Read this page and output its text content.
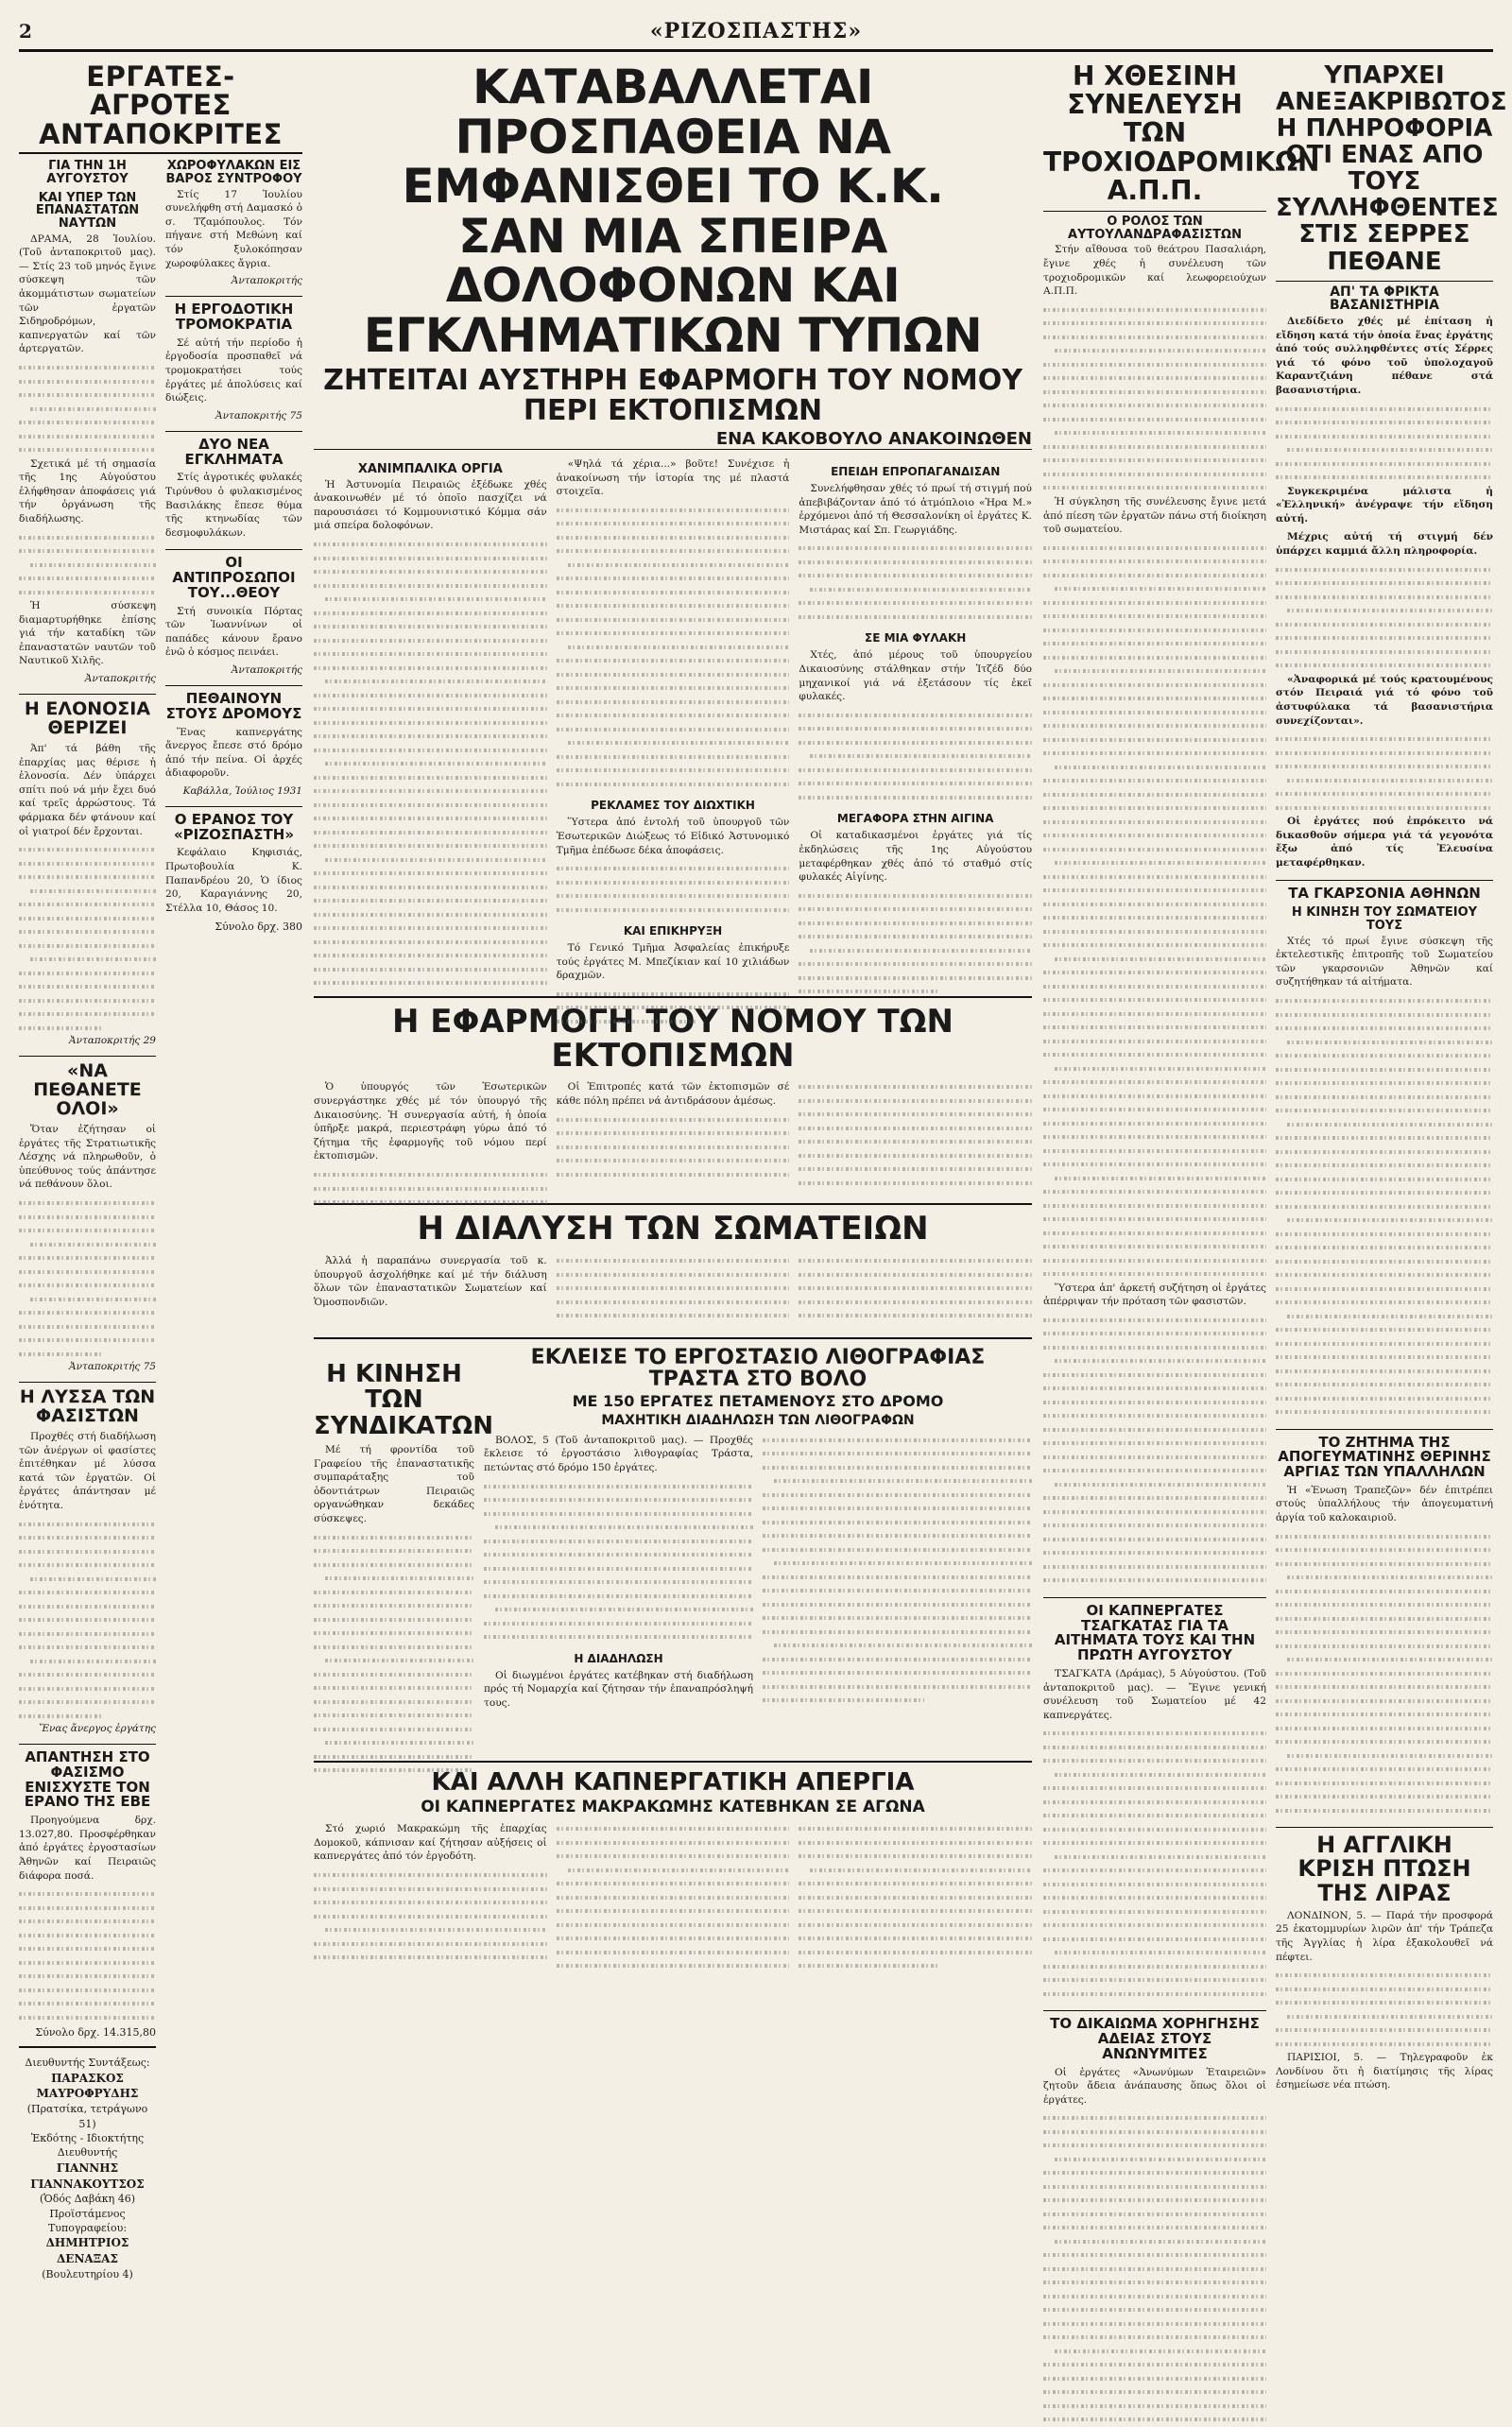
2	«ΡΙΖΟΣΠΑΣΤΗΣ»
ΕΡΓΑΤΕΣ-ΑΓΡΟΤΕΣ ΑΝΤΑΠΟΚΡΙΤΕΣ
ΓΙΑ ΤΗΝ 1Η ΑΥΓΟΥΣΤΟΥ
ΚΑΙ ΥΠΕΡ ΤΩΝ ΕΠΑΝΑΣΤΑΤΩΝ ΝΑΥΤΩΝ

ΔΡΑΜΑ, 28 Ἰουλίου. (Τοῦ ἀνταποκριτοῦ μας). — Στίς 23 τοῦ μηνός ἔγινε σύσκεψη τῶν ἀκομμάτιστων σωματείων τῶν ἐργατῶν Σιδηροδρόμων, καπνεργατῶν καί τῶν ἀρτεργατῶν.

Σχετικά μέ τή σημασία τῆς 1ης Αὐγούστου ἐλήφθησαν ἀποφάσεις γιά τήν ὀργάνωση τῆς διαδήλωσης.

Ἡ σύσκεψη διαμαρτυρήθηκε ἐπίσης γιά τήν καταδίκη τῶν ἐπαναστατῶν ναυτῶν τοῦ Ναυτικοῦ Χιλῆς.

Ἀνταποκριτής

Η ΕΛΟΝΟΣΙΑ ΘΕΡΙΖΕΙ

Ἀπ' τά βάθη τῆς ἐπαρχίας μας θέρισε ἡ ἑλονοσία. Δέν ὑπάρχει σπίτι πού νά μήν ἔχει δυό καί τρεῖς ἀρρώστους. Τά φάρμακα δέν φτάνουν καί οἱ γιατροί δέν ἔρχονται.

Ἀνταποκριτής 29

«ΝΑ ΠΕΘΑΝΕΤΕ ΟΛΟΙ»

Ὅταν ἐζήτησαν οἱ ἐργάτες τῆς Στρατιωτικῆς Λέσχης νά πληρωθοῦν, ὁ ὑπεύθυνος τούς ἀπάντησε νά πεθάνουν ὅλοι.

Ἀνταποκριτής 75

Η ΛΥΣΣΑ ΤΩΝ ΦΑΣΙΣΤΩΝ

Προχθές στή διαδήλωση τῶν ἀνέργων οἱ φασίστες ἐπιτέθηκαν μέ λύσσα κατά τῶν ἐργατῶν. Οἱ ἐργάτες ἀπάντησαν μέ ἐνότητα.

Ἕνας ἄνεργος ἐργάτης

ΑΠΑΝΤΗΣΗ ΣΤΟ ΦΑΣΙΣΜΟ ΕΝΙΣΧΥΣΤΕ ΤΟΝ ΕΡΑΝΟ ΤΗΣ ΕΒΕ

Προηγούμενα δρχ. 13.027,80. Προσφέρθηκαν ἀπό ἐργάτες ἐργοστασίων Ἀθηνῶν καί Πειραιῶς διάφορα ποσά.

Σύνολο δρχ. 14.315,80

Διευθυντής Συντάξεως:
ΠΑΡΑΣΚΟΣ ΜΑΥΡΟΦΡΥΔΗΣ
(Πρατσίκα, τετράγωνο 51)
Ἐκδότης - Ιδιοκτήτης Διευθυντής
ΓΙΑΝΝΗΣ ΓΙΑΝΝΑΚΟΥΤΣΟΣ
(Ὁδός Δαβάκη 46)
Προϊστάμενος Τυπογραφείου:
ΔΗΜΗΤΡΙΟΣ ΔΕΝΑΞΑΣ
(Βουλευτηρίου 4)
ΧΩΡΟΦΥΛΑΚΩΝ ΕΙΣ ΒΑΡΟΣ ΣΥΝΤΡΟΦΟΥ

Στίς 17 Ἰουλίου συνελήφθη στή Δαμασκό ὁ σ. Τζαμόπουλος. Τόν πήγανε στή Μεθώνη καί τόν ξυλοκόπησαν χωροφύλακες ἄγρια.

Ἀνταποκριτής

Η ΕΡΓΟΔΟΤΙΚΗ ΤΡΟΜΟΚΡΑΤΙΑ

Σέ αὐτή τήν περίοδο ἡ ἐργοδοσία προσπαθεῖ νά τρομοκρατήσει τούς ἐργάτες μέ ἀπολύσεις καί διώξεις.

Ἀνταποκριτής 75

ΔΥΟ ΝΕΑ ΕΓΚΛΗΜΑΤΑ

Στίς ἀγροτικές φυλακές Τιρύνθου ὁ φυλακισμένος Βασιλάκης ἔπεσε θύμα τῆς κτηνωδίας τῶν δεσμοφυλάκων.

ΟΙ ΑΝΤΙΠΡΟΣΩΠΟΙ ΤΟΥ...ΘΕΟΥ

Στή συνοικία Πόρτας τῶν Ἰωαννίνων οἱ παπάδες κάνουν ἔρανο ἐνῶ ὁ κόσμος πεινάει.

Ἀνταποκριτής

ΠΕΘΑΙΝΟΥΝ ΣΤΟΥΣ ΔΡΟΜΟΥΣ

Ἕνας καπνεργάτης ἄνεργος ἔπεσε στό δρόμο ἀπό τήν πείνα. Οἱ ἀρχές ἀδιαφοροῦν.

Καβάλλα, Ἰούλιος 1931

Ο ΕΡΑΝΟΣ ΤΟΥ «ΡΙΖΟΣΠΑΣΤΗ»

Κεφάλαιο Κηφισιάς, Πρωτοβουλία Κ. Παπανδρέου 20, Ὁ ίδιος 20, Καραγιάννης 20, Στέλλα 10, Θάσος 10.

Σύνολο δρχ. 380

ΚΑΤΑΒΑΛΛΕΤΑΙ ΠΡΟΣΠΑΘΕΙΑ ΝΑ ΕΜΦΑΝΙΣΘΕΙ ΤΟ Κ.Κ.
ΣΑΝ ΜΙΑ ΣΠΕΙΡΑ ΔΟΛΟΦΟΝΩΝ ΚΑΙ ΕΓΚΛΗΜΑΤΙΚΩΝ ΤΥΠΩΝ
ΖΗΤΕΙΤΑΙ ΑΥΣΤΗΡΗ ΕΦΑΡΜΟΓΗ ΤΟΥ ΝΟΜΟΥ ΠΕΡΙ ΕΚΤΟΠΙΣΜΩΝ
ΕΝΑ ΚΑΚΟΒΟΥΛΟ ΑΝΑΚΟΙΝΩΘΕΝ
ΧΑΝΙΜΠΑΛΙΚΑ ΟΡΓΙΑ

Ἡ Ἀστυνομία Πειραιῶς ἐξέδωκε χθές ἀνακοινωθέν μέ τό ὁποῖο πασχίζει νά παρουσιάσει τό Κομμουνιστικό Κόμμα σάν μιά σπείρα δολοφόνων.

«Ψηλά τά χέρια...» βοῦτε! Συνέχισε ἡ ἀνακοίνωση τήν ἱστορία της μέ πλαστά στοιχεῖα.

ΡΕΚΛΑΜΕΣ ΤΟΥ ΔΙΩΧΤΙΚΗ

Ὕστερα ἀπό ἐντολή τοῦ ὑπουργοῦ τῶν Ἐσωτερικῶν Διώξεως τό Εἰδικό Ἀστυνομικό Τμῆμα ἐπέδωσε δέκα ἀποφάσεις.

ΚΑΙ ΕΠΙΚΗΡΥΞΗ

Τό Γενικό Τμῆμα Ἀσφαλείας ἐπικήρυξε τούς ἐργάτες Μ. Μπεζίκιαν καί 10 χιλιάδων δραχμῶν.

ΕΠΕΙΔΗ ΕΠΡΟΠΑΓΑΝΔΙΣΑΝ

Συνελήφθησαν χθές τό πρωί τή στιγμή πού ἀπεβιβάζονταν ἀπό τό ἀτμόπλοιο «Ἡρα Μ.» ἐρχόμενοι ἀπό τή Θεσσαλονίκη οἱ ἐργάτες Κ. Μιστάρας καί Σπ. Γεωργιάδης.

ΣΕ ΜΙΑ ΦΥΛΑΚΗ

Χτές, ἀπό μέρους τοῦ ὑπουργείου Δικαιοσύνης στάλθηκαν στήν Ἰτζέδ δύο μηχανικοί γιά νά ἐξετάσουν τίς ἐκεῖ φυλακές.

ΜΕΓΑΦΟΡΑ ΣΤΗΝ ΑΙΓΙΝΑ

Οἱ καταδικασμένοι ἐργάτες γιά τίς ἐκδηλώσεις τῆς 1ης Αὐγούστου μεταφέρθηκαν χθές ἀπό τό σταθμό στίς φυλακές Αἰγίνης.

Η ΕΦΑΡΜΟΓΗ ΤΟΥ ΝΟΜΟΥ ΤΩΝ ΕΚΤΟΠΙΣΜΩΝ

Ὁ ὑπουργός τῶν Ἐσωτερικῶν συνεργάστηκε χθές μέ τόν ὑπουργό τῆς Δικαιοσύνης. Ἡ συνεργασία αὐτή, ἡ ὁποία ὑπῆρξε μακρά, περιεστράφη γύρω ἀπό τό ζήτημα τῆς ἐφαρμογῆς τοῦ νόμου περί ἐκτοπισμῶν.

Οἱ Ἐπιτροπές κατά τῶν ἐκτοπισμῶν σέ κάθε πόλη πρέπει νά ἀντιδράσουν ἀμέσως.

Η ΔΙΑΛΥΣΗ ΤΩΝ ΣΩΜΑΤΕΙΩΝ

Ἀλλά ἡ παραπάνω συνεργασία τοῦ κ. ὑπουργοῦ ἀσχολήθηκε καί μέ τήν διάλυση ὅλων τῶν ἐπαναστατικῶν Σωματείων καί Ὁμοσπονδιῶν.

Η ΚΙΝΗΣΗ ΤΩΝ ΣΥΝΔΙΚΑΤΩΝ

Μέ τή φροντίδα τοῦ Γραφείου τῆς ἐπαναστατικῆς συμπαράταξης τοῦ ὁδοντιάτρων Πειραιῶς οργανώθηκαν δεκάδες σύσκεψες.

ΕΚΛΕΙΣΕ ΤΟ ΕΡΓΟΣΤΑΣΙΟ ΛΙΘΟΓΡΑΦΙΑΣ ΤΡΑΣΤΑ ΣΤΟ ΒΟΛΟ
ΜΕ 150 ΕΡΓΑΤΕΣ ΠΕΤΑΜΕΝΟΥΣ ΣΤΟ ΔΡΟΜΟ
ΜΑΧΗΤΙΚΗ ΔΙΑΔΗΛΩΣΗ ΤΩΝ ΛΙΘΟΓΡΑΦΩΝ

ΒΟΛΟΣ, 5 (Τοῦ ἀνταποκριτοῦ μας). — Προχθές ἔκλεισε τό ἐργοστάσιο λιθογραφίας Τράστα, πετώντας στό δρόμο 150 ἐργάτες.

Η ΔΙΑΔΗΛΩΣΗ

Οἱ διωγμένοι ἐργάτες κατέβηκαν στή διαδήλωση πρός τή Νομαρχία καί ζήτησαν τήν ἐπαναπρόσληψή τους.

ΚΑΙ ΑΛΛΗ ΚΑΠΝΕΡΓΑΤΙΚΗ ΑΠΕΡΓΙΑ
ΟΙ ΚΑΠΝΕΡΓΑΤΕΣ ΜΑΚΡΑΚΩΜΗΣ ΚΑΤΕΒΗΚΑΝ ΣΕ ΑΓΩΝΑ

Στό χωριό Μακρακώμη τῆς ἐπαρχίας Δομοκοῦ, κάπνισαν καί ζήτησαν αὐξήσεις οἱ καπνεργάτες ἀπό τόν ἐργοδότη.

Η ΧΘΕΣΙΝΗ ΣΥΝΕΛΕΥΣΗ ΤΩΝ ΤΡΟΧΙΟΔΡΟΜΙΚΩΝ Α.Π.Π.
Ο ΡΟΛΟΣ ΤΩΝ ΑΥΤΟΥΛΑΝΔΡΑΦΑΣΙΣΤΩΝ

Στήν αἴθουσα τοῦ θεάτρου Πασαλιάρη, ἔγινε χθές ἡ συνέλευση τῶν τροχιοδρομικῶν καί λεωφορειούχων Α.Π.Π.

Ἡ σύγκληση τῆς συνέλευσης ἔγινε μετά ἀπό πίεση τῶν ἐργατῶν πάνω στή διοίκηση τοῦ σωματείου.

Ὕστερα ἀπ' ἀρκετή συζήτηση οἱ ἐργάτες ἀπέρριψαν τήν πρόταση τῶν φασιστῶν.

ΟΙ ΚΑΠΝΕΡΓΑΤΕΣ ΤΣΑΓΚΑΤΑΣ ΓΙΑ ΤΑ ΑΙΤΗΜΑΤΑ ΤΟΥΣ ΚΑΙ ΤΗΝ ΠΡΩΤΗ ΑΥΓΟΥΣΤΟΥ

ΤΣΑΓΚΑΤΑ (Δράμας), 5 Αὐγούστου. (Τοῦ ἀνταποκριτοῦ μας). — Ἔγινε γενική συνέλευση τοῦ Σωματείου μέ 42 καπνεργάτες.

ΤΟ ΔΙΚΑΙΩΜΑ ΧΟΡΗΓΗΣΗΣ ΑΔΕΙΑΣ ΣΤΟΥΣ ΑΝΩΝΥΜΙΤΕΣ

Οἱ ἐργάτες «Ἀνωνύμων Ἑταιρειῶν» ζητοῦν ἄδεια ἀνάπαυσης ὅπως ὅλοι οἱ ἐργάτες.

ΥΠΑΡΧΕΙ ΑΝΕΞΑΚΡΙΒΩΤΟΣ Η ΠΛΗΡΟΦΟΡΙΑ ΟΤΙ ΕΝΑΣ ΑΠΟ ΤΟΥΣ ΣΥΛΛΗΦΘΕΝΤΕΣ ΣΤΙΣ ΣΕΡΡΕΣ ΠΕΘΑΝΕ
ΑΠ' ΤΑ ΦΡΙΚΤΑ ΒΑΣΑΝΙΣΤΗΡΙΑ

Διεδίδετο χθές μέ ἐπίταση ἡ εἴδηση κατά τήν ὁποία ἕνας ἐργάτης ἀπό τούς συλληφθέντες στίς Σέρρες γιά τό φόνο τοῦ ὑπολοχαγοῦ Καραντζιάνη πέθανε στά βασανιστήρια.

Συγκεκριμένα μάλιστα ἡ «Ἐλληνική» ἀνέγραψε τήν εἴδηση αὐτή.

Μέχρις αὐτή τή στιγμή δέν ὑπάρχει καμμιά ἄλλη πληροφορία.

«Ἀναφορικά μέ τούς κρατουμένους στόν Πειραιά γιά τό φόνο τοῦ ἀστυφύλακα τά βασανιστήρια συνεχίζονται».

Οἱ ἐργάτες πού ἐπρόκειτο νά δικασθοῦν σήμερα γιά τά γεγονότα ἔξω ἀπό τίς Ἐλευσίνα μεταφέρθηκαν.

ΤΑ ΓΚΑΡΣΟΝΙΑ ΑΘΗΝΩΝ
Η ΚΙΝΗΣΗ ΤΟΥ ΣΩΜΑΤΕΙΟΥ ΤΟΥΣ

Χτές τό πρωί ἔγινε σύσκεψη τῆς ἐκτελεστικῆς ἐπιτροπῆς τοῦ Σωματείου τῶν γκαρσονιῶν Ἀθηνῶν καί συζητήθηκαν τά αἰτήματα.

ΤΟ ΖΗΤΗΜΑ ΤΗΣ ΑΠΟΓΕΥΜΑΤΙΝΗΣ ΘΕΡΙΝΗΣ ΑΡΓΙΑΣ ΤΩΝ ΥΠΑΛΛΗΛΩΝ

Ἡ «Ἑνωση Τραπεζῶν» δέν ἐπιτρέπει στούς ὑπαλλήλους τήν ἀπογευματινή ἀργία τοῦ καλοκαιριοῦ.

Η ΑΓΓΛΙΚΗ ΚΡΙΣΗ ΠΤΩΣΗ ΤΗΣ ΛΙΡΑΣ

ΛΟΝΔΙΝΟΝ, 5. — Παρά τήν προσφορά 25 ἑκατομμυρίων λιρῶν ἀπ' τήν Τράπεζα τῆς Ἀγγλίας ἡ λίρα ἐξακολουθεῖ νά πέφτει.

ΠΑΡΙΣΙΟΙ, 5. — Τηλεγραφοῦν ἐκ Λονδίνου ὅτι ἡ διατίμησις τῆς λίρας ἐσημείωσε νέα πτώση.
